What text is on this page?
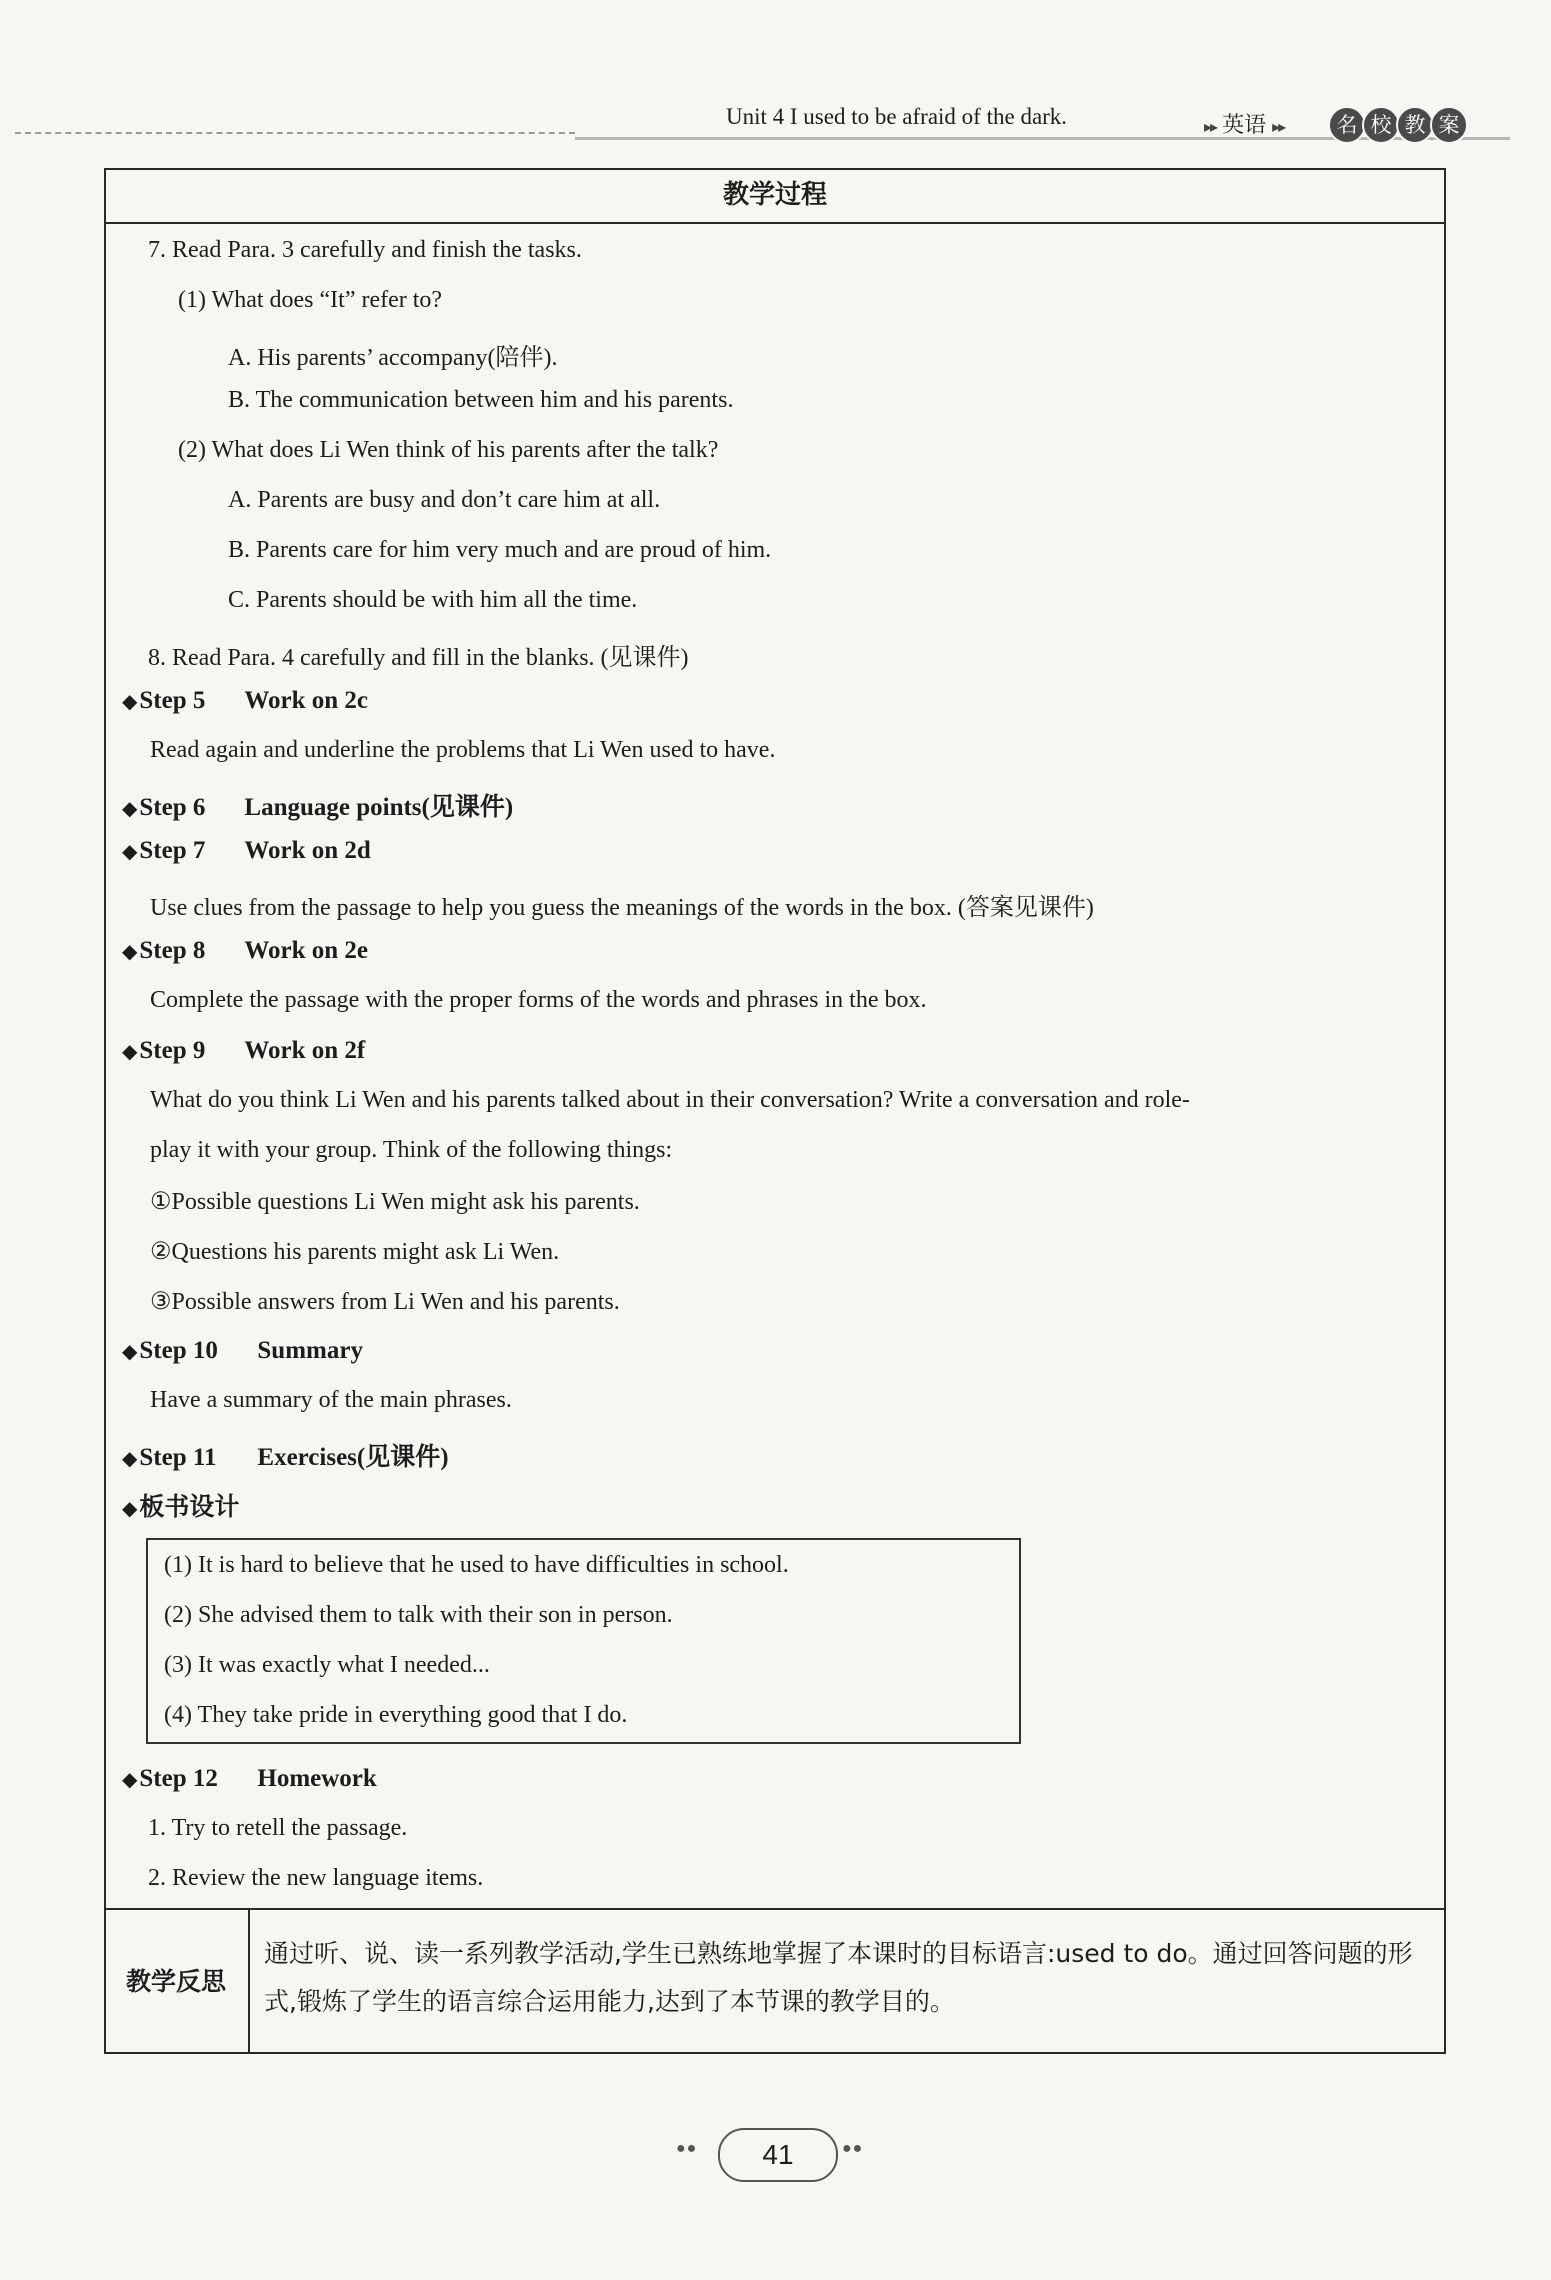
Unit 4 I used to be afraid of the dark.	▸▸ 英语 ▸▸	名 校 教 案
教学过程
7. Read Para. 3 carefully and finish the tasks.
(1) What does “It” refer to?
A. His parents’ accompany(陪伴).
B. The communication between him and his parents.
(2) What does Li Wen think of his parents after the talk?
A. Parents are busy and don’t care him at all.
B. Parents care for him very much and are proud of him.
C. Parents should be with him all the time.
8. Read Para. 4 carefully and fill in the blanks. (见课件)
◆Step 5 Work on 2c
Read again and underline the problems that Li Wen used to have.
◆Step 6 Language points(见课件)
◆Step 7 Work on 2d
Use clues from the passage to help you guess the meanings of the words in the box. (答案见课件)
◆Step 8 Work on 2e
Complete the passage with the proper forms of the words and phrases in the box.
◆Step 9 Work on 2f
What do you think Li Wen and his parents talked about in their conversation? Write a conversation and role-
play it with your group. Think of the following things:
①Possible questions Li Wen might ask his parents.
②Questions his parents might ask Li Wen.
③Possible answers from Li Wen and his parents.
◆Step 10 Summary
Have a summary of the main phrases.
◆Step 11 Exercises(见课件)
◆板书设计
(1) It is hard to believe that he used to have difficulties in school.
(2) She advised them to talk with their son in person.
(3) It was exactly what I needed...
(4) They take pride in everything good that I do.
◆Step 12 Homework
1. Try to retell the passage.
2. Review the new language items.
教学反思
通过听、说、读一系列教学活动,学生已熟练地掌握了本课时的目标语言:used to do。通过回答问题的形式,锻炼了学生的语言综合运用能力,达到了本节课的教学目的。
●●	41	●●
